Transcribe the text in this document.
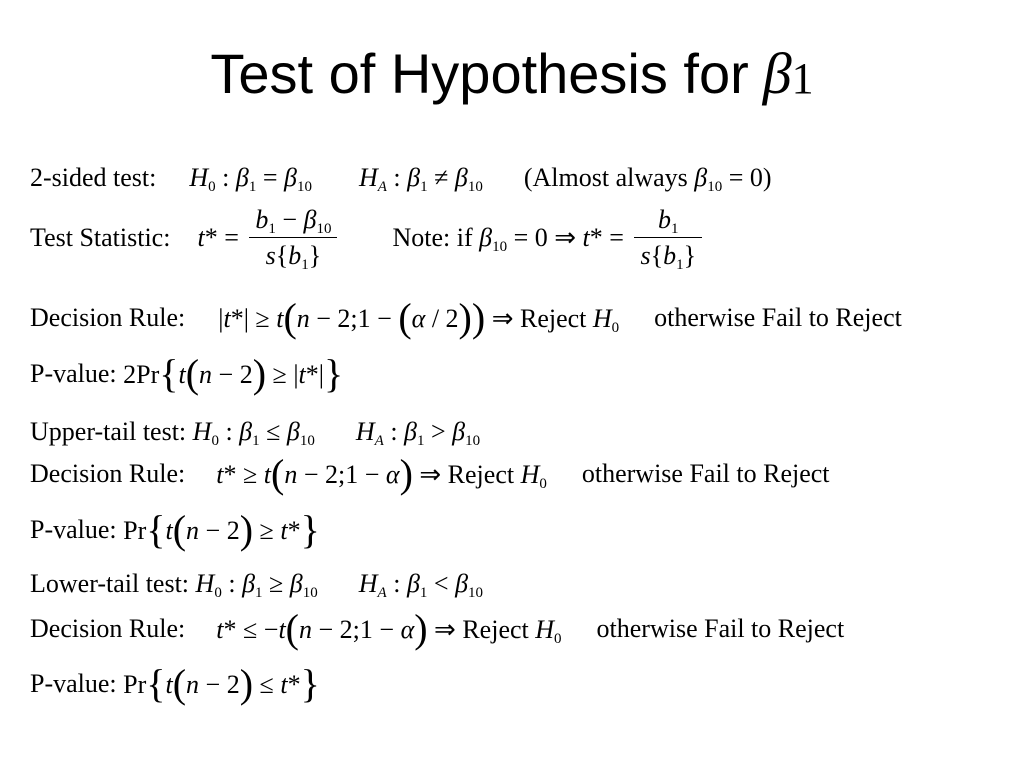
Test of Hypothesis for β1
2-sided test: $H_0$ : $\beta_1 = \beta_{10}$ $H_A$ : $\beta_1 \ne \beta_{10}$ (Almost always $\beta_{10} = 0$)
Test Statistic: $t* = \frac{b_1 - \beta_{10}}{s\{b_1\}}$ Note: if $\beta_{10} = 0$ ⇒ $t* = \frac{b_1}{s\{b_1\}}$
Decision Rule: |t*| ≥ t(n − 2;1 − (α / 2)) ⇒ Reject $H_0$ otherwise Fail to Reject
P-value: 2Pr{t(n − 2) ≥ |t*|}
Upper-tail test: $H_0$ : $\beta_1 \le \beta_{10}$ $H_A$ : $\beta_1 > \beta_{10}$
Decision Rule: t* ≥ t(n − 2;1 − α) ⇒ Reject $H_0$ otherwise Fail to Reject
P-value: Pr{t(n − 2) ≥ t*}
Lower-tail test: $H_0$ : $\beta_1 \ge \beta_{10}$ $H_A$ : $\beta_1 < \beta_{10}$
Decision Rule: t* ≤ −t(n − 2;1 − α) ⇒ Reject $H_0$ otherwise Fail to Reject
P-value: Pr{t(n − 2) ≤ t*}
